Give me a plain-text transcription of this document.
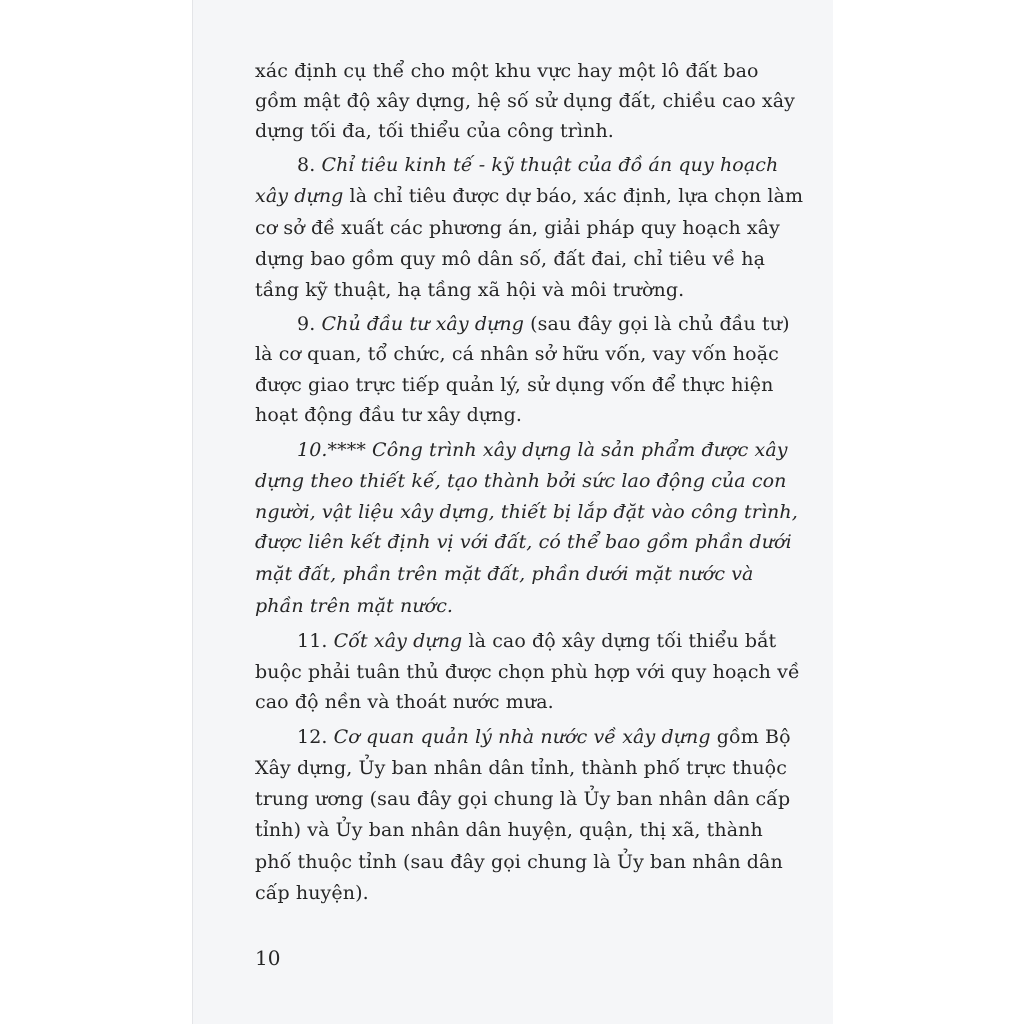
xác định cụ thể cho một khu vực hay một lô đất bao
gồm mật độ xây dựng, hệ số sử dụng đất, chiều cao xây
dựng tối đa, tối thiểu của công trình.
8. Chỉ tiêu kinh tế - kỹ thuật của đồ án quy hoạch
xây dựng là chỉ tiêu được dự báo, xác định, lựa chọn làm
cơ sở đề xuất các phương án, giải pháp quy hoạch xây
dựng bao gồm quy mô dân số, đất đai, chỉ tiêu về hạ
tầng kỹ thuật, hạ tầng xã hội và môi trường.
9. Chủ đầu tư xây dựng (sau đây gọi là chủ đầu tư)
là cơ quan, tổ chức, cá nhân sở hữu vốn, vay vốn hoặc
được giao trực tiếp quản lý, sử dụng vốn để thực hiện
hoạt động đầu tư xây dựng.
10.**** Công trình xây dựng là sản phẩm được xây
dựng theo thiết kế, tạo thành bởi sức lao động của con
người, vật liệu xây dựng, thiết bị lắp đặt vào công trình,
được liên kết định vị với đất, có thể bao gồm phần dưới
mặt đất, phần trên mặt đất, phần dưới mặt nước và
phần trên mặt nước.
11. Cốt xây dựng là cao độ xây dựng tối thiểu bắt
buộc phải tuân thủ được chọn phù hợp với quy hoạch về
cao độ nền và thoát nước mưa.
12. Cơ quan quản lý nhà nước về xây dựng gồm Bộ
Xây dựng, Ủy ban nhân dân tỉnh, thành phố trực thuộc
trung ương (sau đây gọi chung là Ủy ban nhân dân cấp
tỉnh) và Ủy ban nhân dân huyện, quận, thị xã, thành
phố thuộc tỉnh (sau đây gọi chung là Ủy ban nhân dân
cấp huyện).
10
